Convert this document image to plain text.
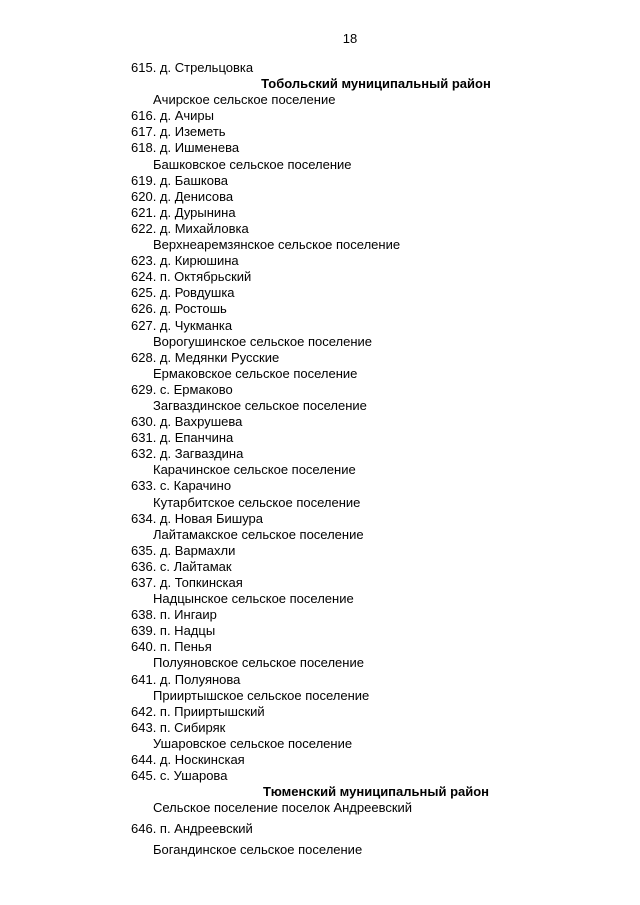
18
615. д. Стрельцовка
Тобольский муниципальный район
Ачирское сельское поселение
616. д. Ачиры
617. д. Иземеть
618. д. Ишменева
Башковское сельское поселение
619. д. Башкова
620. д. Денисова
621. д. Дурынина
622. д. Михайловка
Верхнеаремзянское сельское поселение
623. д. Кирюшина
624. п. Октябрьский
625. д. Ровдушка
626. д. Ростошь
627. д. Чукманка
Ворогушинское сельское поселение
628. д. Медянки Русские
Ермаковское сельское поселение
629. с. Ермаково
Загваздинское сельское поселение
630. д. Вахрушева
631. д. Епанчина
632. д. Загваздина
Карачинское сельское поселение
633. с. Карачино
Кутарбитское сельское поселение
634. д. Новая Бишура
Лайтамакское сельское поселение
635. д. Вармахли
636. с. Лайтамак
637. д. Топкинская
Надцынское сельское поселение
638. п. Ингаир
639. п. Надцы
640. п. Пенья
Полуяновское сельское поселение
641. д. Полуянова
Прииртышское сельское поселение
642. п. Прииртышский
643. п. Сибиряк
Ушаровское сельское поселение
644. д. Носкинская
645. с. Ушарова
Тюменский муниципальный район
Сельское поселение поселок Андреевский
646. п. Андреевский
Богандинское сельское поселение
